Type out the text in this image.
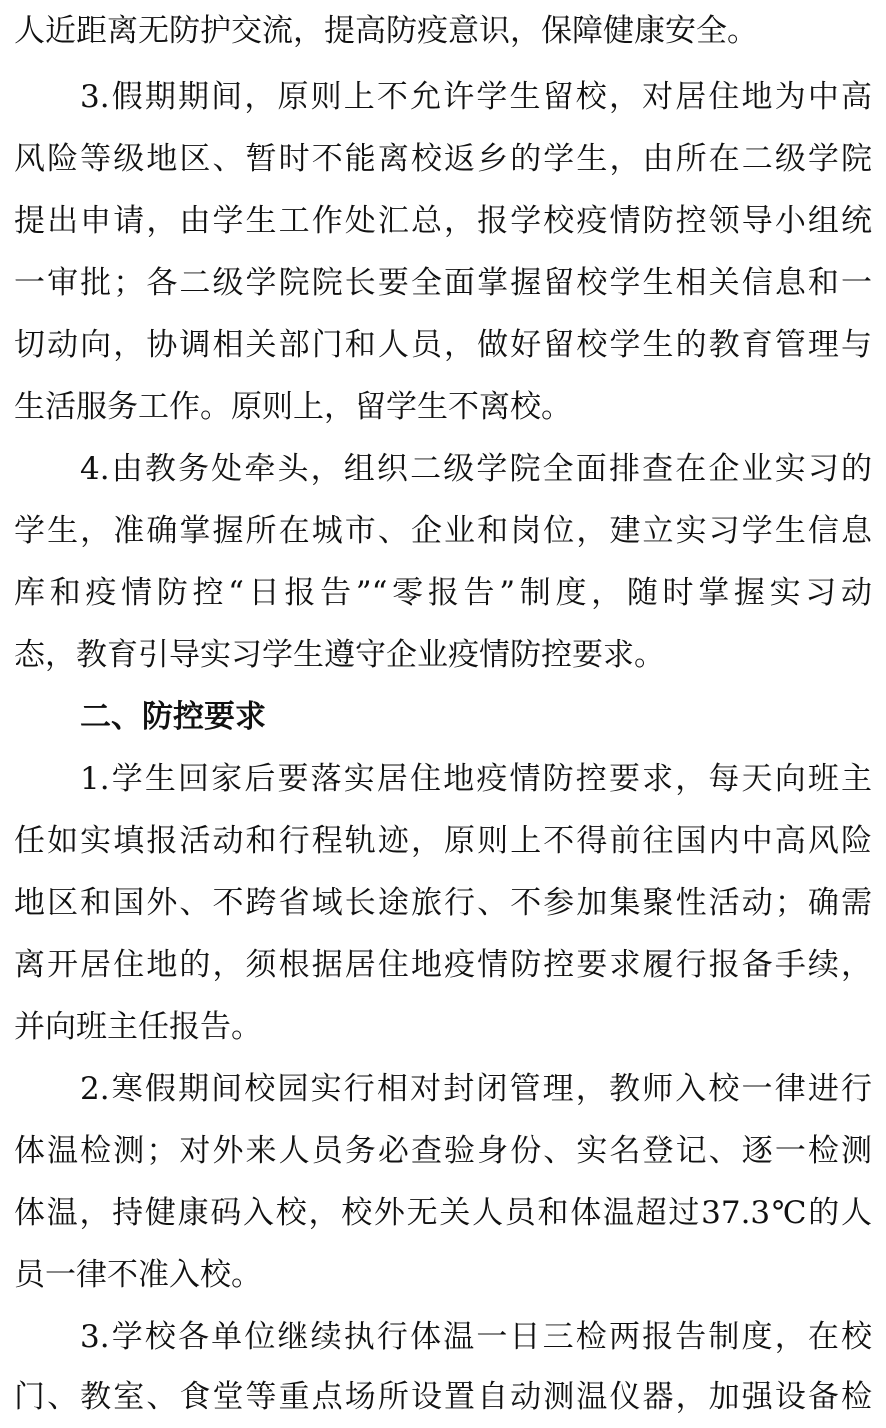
人近距离无防护交流，提高防疫意识，保障健康安全。
3.假期期间，原则上不允许学生留校，对居住地为中高
风险等级地区、暂时不能离校返乡的学生，由所在二级学院
提出申请，由学生工作处汇总，报学校疫情防控领导小组统
一审批；各二级学院院长要全面掌握留校学生相关信息和一
切动向，协调相关部门和人员，做好留校学生的教育管理与
生活服务工作。原则上，留学生不离校。
4.由教务处牵头，组织二级学院全面排查在企业实习的
学生，准确掌握所在城市、企业和岗位，建立实习学生信息
库和疫情防控“日报告”“零报告”制度，随时掌握实习动
态，教育引导实习学生遵守企业疫情防控要求。
二、防控要求
1.学生回家后要落实居住地疫情防控要求，每天向班主
任如实填报活动和行程轨迹，原则上不得前往国内中高风险
地区和国外、不跨省域长途旅行、不参加集聚性活动；确需
离开居住地的，须根据居住地疫情防控要求履行报备手续，
并向班主任报告。
2.寒假期间校园实行相对封闭管理，教师入校一律进行
体温检测；对外来人员务必查验身份、实名登记、逐一检测
体温，持健康码入校，校外无关人员和体温超过37.3℃的人
员一律不准入校。
3.学校各单位继续执行体温一日三检两报告制度，在校
门、教室、食堂等重点场所设置自动测温仪器，加强设备检
